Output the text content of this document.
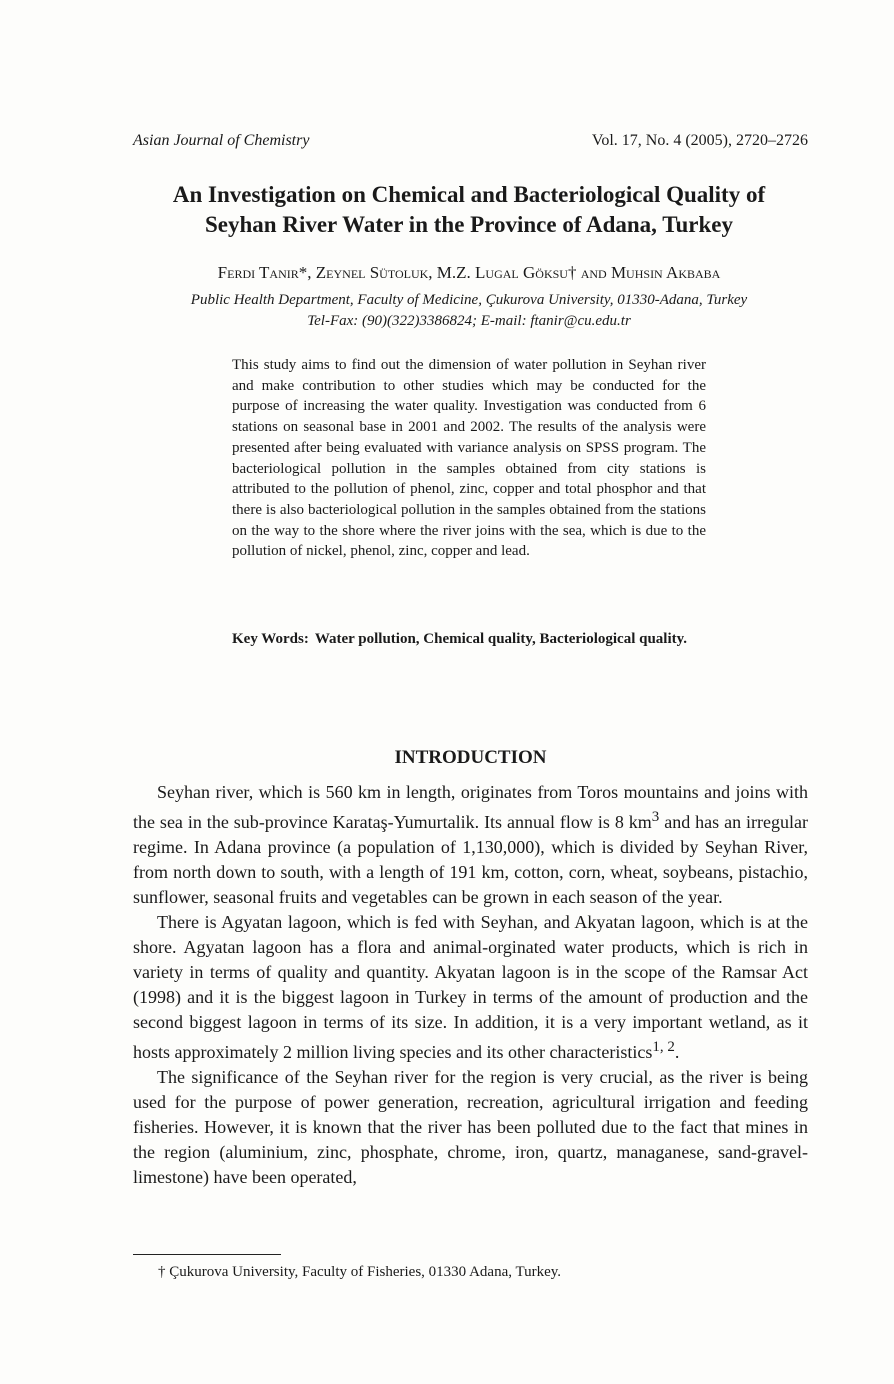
Asian Journal of Chemistry	Vol. 17, No. 4 (2005), 2720–2726
An Investigation on Chemical and Bacteriological Quality of
Seyhan River Water in the Province of Adana, Turkey
Ferdi Tanir*, Zeynel Sütoluk, M.Z. Lugal Göksu† and Muhsin Akbaba
Public Health Department, Faculty of Medicine, Çukurova University, 01330-Adana, Turkey
Tel-Fax: (90)(322)3386824; E-mail: ftanir@cu.edu.tr

This study aims to find out the dimension of water pollution in Seyhan river and make contribution to other studies which may be conducted for the purpose of increasing the water quality. Investigation was conducted from 6 stations on seasonal base in 2001 and 2002. The results of the analysis were presented after being evaluated with variance analysis on SPSS program. The bacteriological pollution in the samples obtained from city stations is attributed to the pollution of phenol, zinc, copper and total phosphor and that there is also bacteriological pollution in the samples obtained from the stations on the way to the shore where the river joins with the sea, which is due to the pollution of nickel, phenol, zinc, copper and lead.

Key Words: Water pollution, Chemical quality, Bacteriological quality.

INTRODUCTION

Seyhan river, which is 560 km in length, originates from Toros mountains and joins with the sea in the sub-province Karataş-Yumurtalik. Its annual flow is 8 $km^3$ and has an irregular regime. In Adana province (a population of 1,130,000), which is divided by Seyhan River, from north down to south, with a length of 191 km, cotton, corn, wheat, soybeans, pistachio, sunflower, seasonal fruits and vegetables can be grown in each season of the year.

There is Agyatan lagoon, which is fed with Seyhan, and Akyatan lagoon, which is at the shore. Agyatan lagoon has a flora and animal-orginated water products, which is rich in variety in terms of quality and quantity. Akyatan lagoon is in the scope of the Ramsar Act (1998) and it is the biggest lagoon in Turkey in terms of the amount of production and the second biggest lagoon in terms of its size. In addition, it is a very important wetland, as it hosts approximately 2 million living species and its other characteristics$^{1, 2}$.

The significance of the Seyhan river for the region is very crucial, as the river is being used for the purpose of power generation, recreation, agricultural irrigation and feeding fisheries. However, it is known that the river has been polluted due to the fact that mines in the region (aluminium, zinc, phosphate, chrome, iron, quartz, managanese, sand-gravel-limestone) have been operated,

† Çukurova University, Faculty of Fisheries, 01330 Adana, Turkey.
